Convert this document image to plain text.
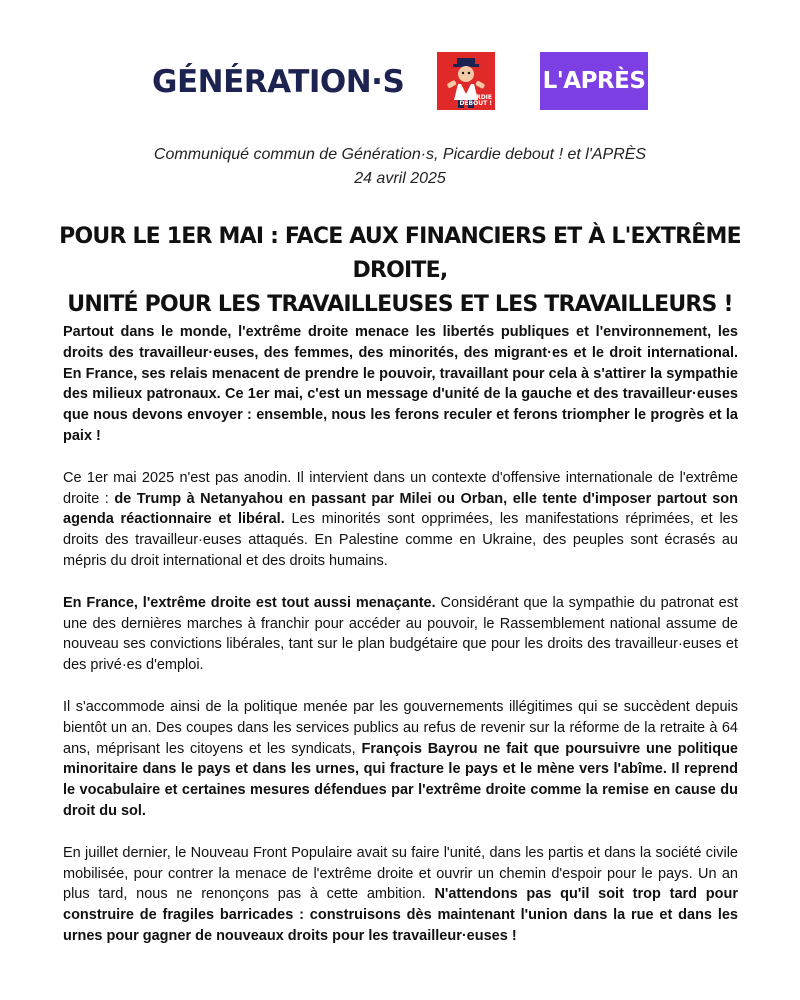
GÉNÉRATION·S	PICARDIE
DEBOUT !
L'APRÈS
Communiqué commun de Génération·s, Picardie debout ! et l'APRÈS
24 avril 2025
POUR LE 1ER MAI : FACE AUX FINANCIERS ET À L'EXTRÊME DROITE,
UNITÉ POUR LES TRAVAILLEUSES ET LES TRAVAILLEURS !

Partout dans le monde, l'extrême droite menace les libertés publiques et l'environnement, les droits des travailleur·euses, des femmes, des minorités, des migrant·es et le droit international. En France, ses relais menacent de prendre le pouvoir, travaillant pour cela à s'attirer la sympathie des milieux patronaux. Ce 1er mai, c'est un message d'unité de la gauche et des travailleur·euses que nous devons envoyer : ensemble, nous les ferons reculer et ferons triompher le progrès et la paix !

Ce 1er mai 2025 n'est pas anodin. Il intervient dans un contexte d'offensive internationale de l'extrême droite : de Trump à Netanyahou en passant par Milei ou Orban, elle tente d'imposer partout son agenda réactionnaire et libéral. Les minorités sont opprimées, les manifestations réprimées, et les droits des travailleur·euses attaqués. En Palestine comme en Ukraine, des peuples sont écrasés au mépris du droit international et des droits humains.

En France, l'extrême droite est tout aussi menaçante. Considérant que la sympathie du patronat est une des dernières marches à franchir pour accéder au pouvoir, le Rassemblement national assume de nouveau ses convictions libérales, tant sur le plan budgétaire que pour les droits des travailleur·euses et des privé·es d'emploi.

Il s'accommode ainsi de la politique menée par les gouvernements illégitimes qui se succèdent depuis bientôt un an. Des coupes dans les services publics au refus de revenir sur la réforme de la retraite à 64 ans, méprisant les citoyens et les syndicats, François Bayrou ne fait que poursuivre une politique minoritaire dans le pays et dans les urnes, qui fracture le pays et le mène vers l'abîme. Il reprend le vocabulaire et certaines mesures défendues par l'extrême droite comme la remise en cause du droit du sol.

En juillet dernier, le Nouveau Front Populaire avait su faire l'unité, dans les partis et dans la société civile mobilisée, pour contrer la menace de l'extrême droite et ouvrir un chemin d'espoir pour le pays. Un an plus tard, nous ne renonçons pas à cette ambition. N'attendons pas qu'il soit trop tard pour construire de fragiles barricades : construisons dès maintenant l'union dans la rue et dans les urnes pour gagner de nouveaux droits pour les travailleur·euses !
